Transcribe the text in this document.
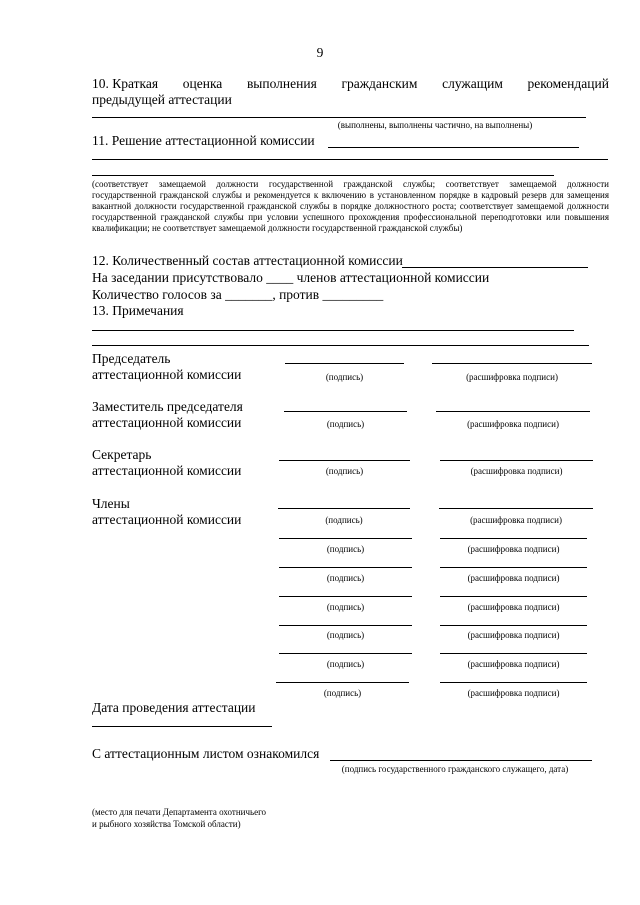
9
10. Краткая оценка выполнения гражданским служащим рекомендаций
предыдущей аттестации
(выполнены, выполнены частично, на выполнены)
11. Решение аттестационной комиссии
(соответствует замещаемой должности государственной гражданской службы; соответствует замещаемой должности государственной гражданской службы и рекомендуется к включению в установленном порядке в кадровый резерв для замещения вакантной должности государственной гражданской службы в порядке должностного роста; соответствует замещаемой должности государственной гражданской службы при условии успешного прохождения профессиональной переподготовки или повышения квалификации; не соответствует замещаемой должности государственной гражданской службы)
12. Количественный состав аттестационной комиссии
На заседании присутствовало ____ членов аттестационной комиссии
Количество голосов за _______, против _________
13. Примечания
Председатель
аттестационной комиссии	(подпись)	(расшифровка подписи)
Заместитель председателя
аттестационной комиссии	(подпись)	(расшифровка подписи)
Секретарь
аттестационной комиссии	(подпись)	(расшифровка подписи)
Члены
аттестационной комиссии	(подпись)	(расшифровка подписи)
(подпись)	(расшифровка подписи)
(подпись)	(расшифровка подписи)
(подпись)	(расшифровка подписи)
(подпись)	(расшифровка подписи)
(подпись)	(расшифровка подписи)
(подпись)	(расшифровка подписи)
Дата проведения аттестации
С аттестационным листом ознакомился
(подпись государственного гражданского служащего, дата)
(место для печати Департамента охотничьего
и рыбного хозяйства Томской области)
